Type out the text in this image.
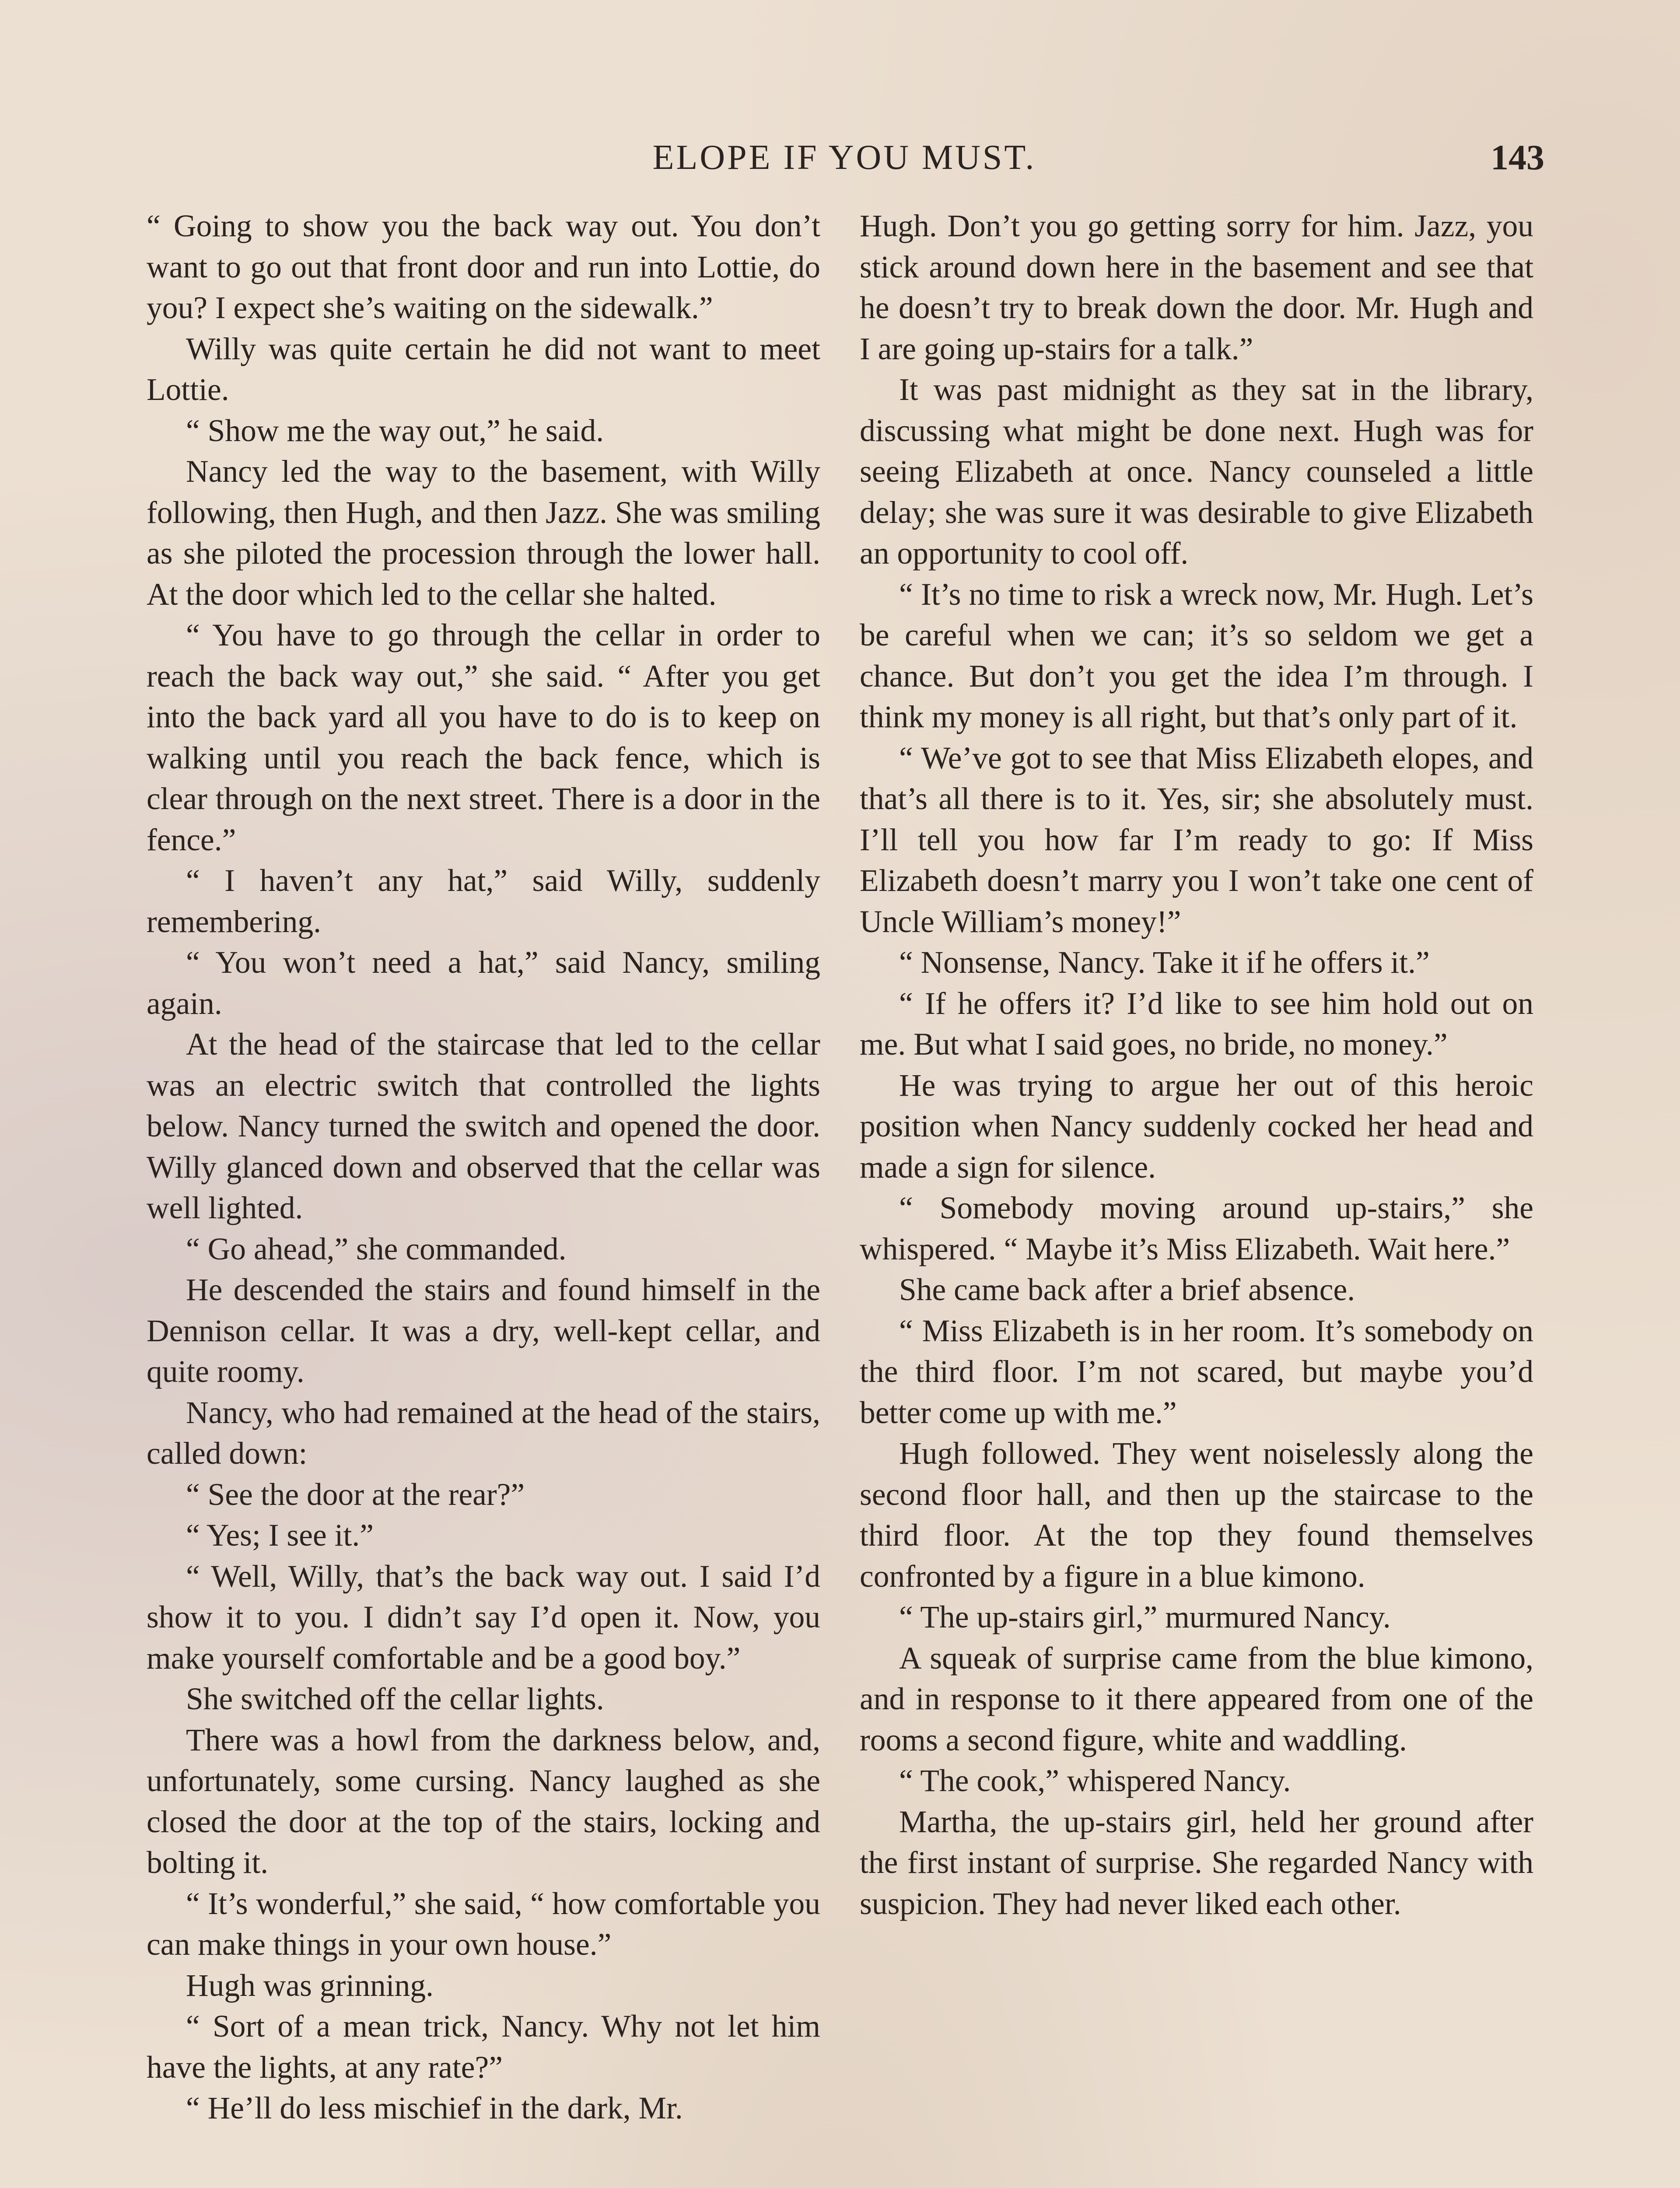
ELOPE IF YOU MUST.	143

“ Going to show you the back way out. You don’t want to go out that front door and run into Lottie, do you? I expect she’s waiting on the sidewalk.”

Willy was quite certain he did not want to meet Lottie.

“ Show me the way out,” he said.

Nancy led the way to the basement, with Willy following, then Hugh, and then Jazz. She was smiling as she piloted the procession through the lower hall. At the door which led to the cellar she halted.

“ You have to go through the cellar in order to reach the back way out,” she said. “ After you get into the back yard all you have to do is to keep on walking until you reach the back fence, which is clear through on the next street. There is a door in the fence.”

“ I haven’t any hat,” said Willy, suddenly remembering.

“ You won’t need a hat,” said Nancy, smiling again.

At the head of the staircase that led to the cellar was an electric switch that controlled the lights below. Nancy turned the switch and opened the door. Willy glanced down and observed that the cellar was well lighted.

“ Go ahead,” she commanded.

He descended the stairs and found himself in the Dennison cellar. It was a dry, well-kept cellar, and quite roomy.

Nancy, who had remained at the head of the stairs, called down:

“ See the door at the rear?”

“ Yes; I see it.”

“ Well, Willy, that’s the back way out. I said I’d show it to you. I didn’t say I’d open it. Now, you make yourself comfortable and be a good boy.”

She switched off the cellar lights.

There was a howl from the darkness below, and, unfortunately, some cursing. Nancy laughed as she closed the door at the top of the stairs, locking and bolting it.

“ It’s wonderful,” she said, “ how comfortable you can make things in your own house.”

Hugh was grinning.

“ Sort of a mean trick, Nancy. Why not let him have the lights, at any rate?”

“ He’ll do less mischief in the dark, Mr.

Hugh. Don’t you go getting sorry for him. Jazz, you stick around down here in the basement and see that he doesn’t try to break down the door. Mr. Hugh and I are going up-stairs for a talk.”

It was past midnight as they sat in the library, discussing what might be done next. Hugh was for seeing Elizabeth at once. Nancy counseled a little delay; she was sure it was desirable to give Elizabeth an opportunity to cool off.

“ It’s no time to risk a wreck now, Mr. Hugh. Let’s be careful when we can; it’s so seldom we get a chance. But don’t you get the idea I’m through. I think my money is all right, but that’s only part of it.

“ We’ve got to see that Miss Elizabeth elopes, and that’s all there is to it. Yes, sir; she absolutely must. I’ll tell you how far I’m ready to go: If Miss Elizabeth doesn’t marry you I won’t take one cent of Uncle William’s money!”

“ Nonsense, Nancy. Take it if he offers it.”

“ If he offers it? I’d like to see him hold out on me. But what I said goes, no bride, no money.”

He was trying to argue her out of this heroic position when Nancy suddenly cocked her head and made a sign for silence.

“ Somebody moving around up-stairs,” she whispered. “ Maybe it’s Miss Elizabeth. Wait here.”

She came back after a brief absence.

“ Miss Elizabeth is in her room. It’s somebody on the third floor. I’m not scared, but maybe you’d better come up with me.”

Hugh followed. They went noiselessly along the second floor hall, and then up the staircase to the third floor. At the top they found themselves confronted by a figure in a blue kimono.

“ The up-stairs girl,” murmured Nancy.

A squeak of surprise came from the blue kimono, and in response to it there appeared from one of the rooms a second figure, white and waddling.

“ The cook,” whispered Nancy.

Martha, the up-stairs girl, held her ground after the first instant of surprise. She regarded Nancy with suspicion. They had never liked each other.
